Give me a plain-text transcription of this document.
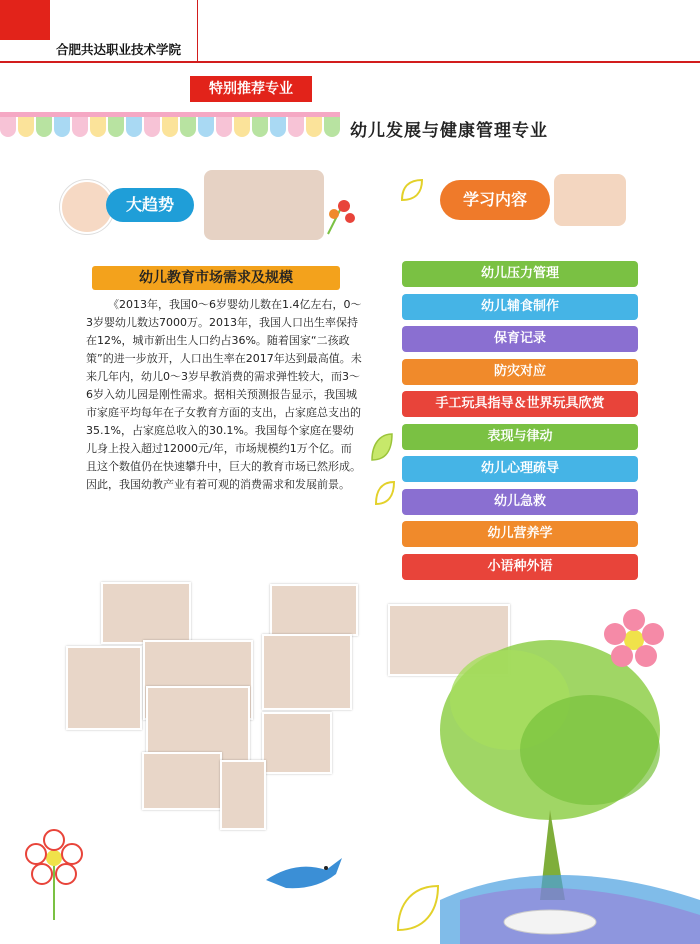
合肥共达职业技术学院
特别推荐专业
幼儿发展与健康管理专业
大趋势	学习内容
幼儿教育市场需求及规模
《2013年，我国0～6岁婴幼儿数在1.4亿左右，0～3岁婴幼儿数达7000万。2013年，我国人口出生率保持在12%，城市新出生人口约占36%。随着国家“二孩政策”的进一步放开，人口出生率在2017年达到最高值。未来几年内，幼儿0～3岁早教消费的需求弹性较大，而3～6岁入幼儿园是刚性需求。据相关预测报告显示，我国城市家庭平均每年在子女教育方面的支出，占家庭总支出的35.1%，占家庭总收入的30.1%。我国每个家庭在婴幼儿身上投入超过12000元/年，市场规模约1万个亿。而且这个数值仍在快速攀升中，巨大的教育市场已然形成。因此，我国幼教产业有着可观的消费需求和发展前景。
幼儿压力管理
幼儿辅食制作
保育记录
防灾对应
手工玩具指导＆世界玩具欣赏
表现与律动
幼儿心理疏导
幼儿急救
幼儿营养学
小语种外语
